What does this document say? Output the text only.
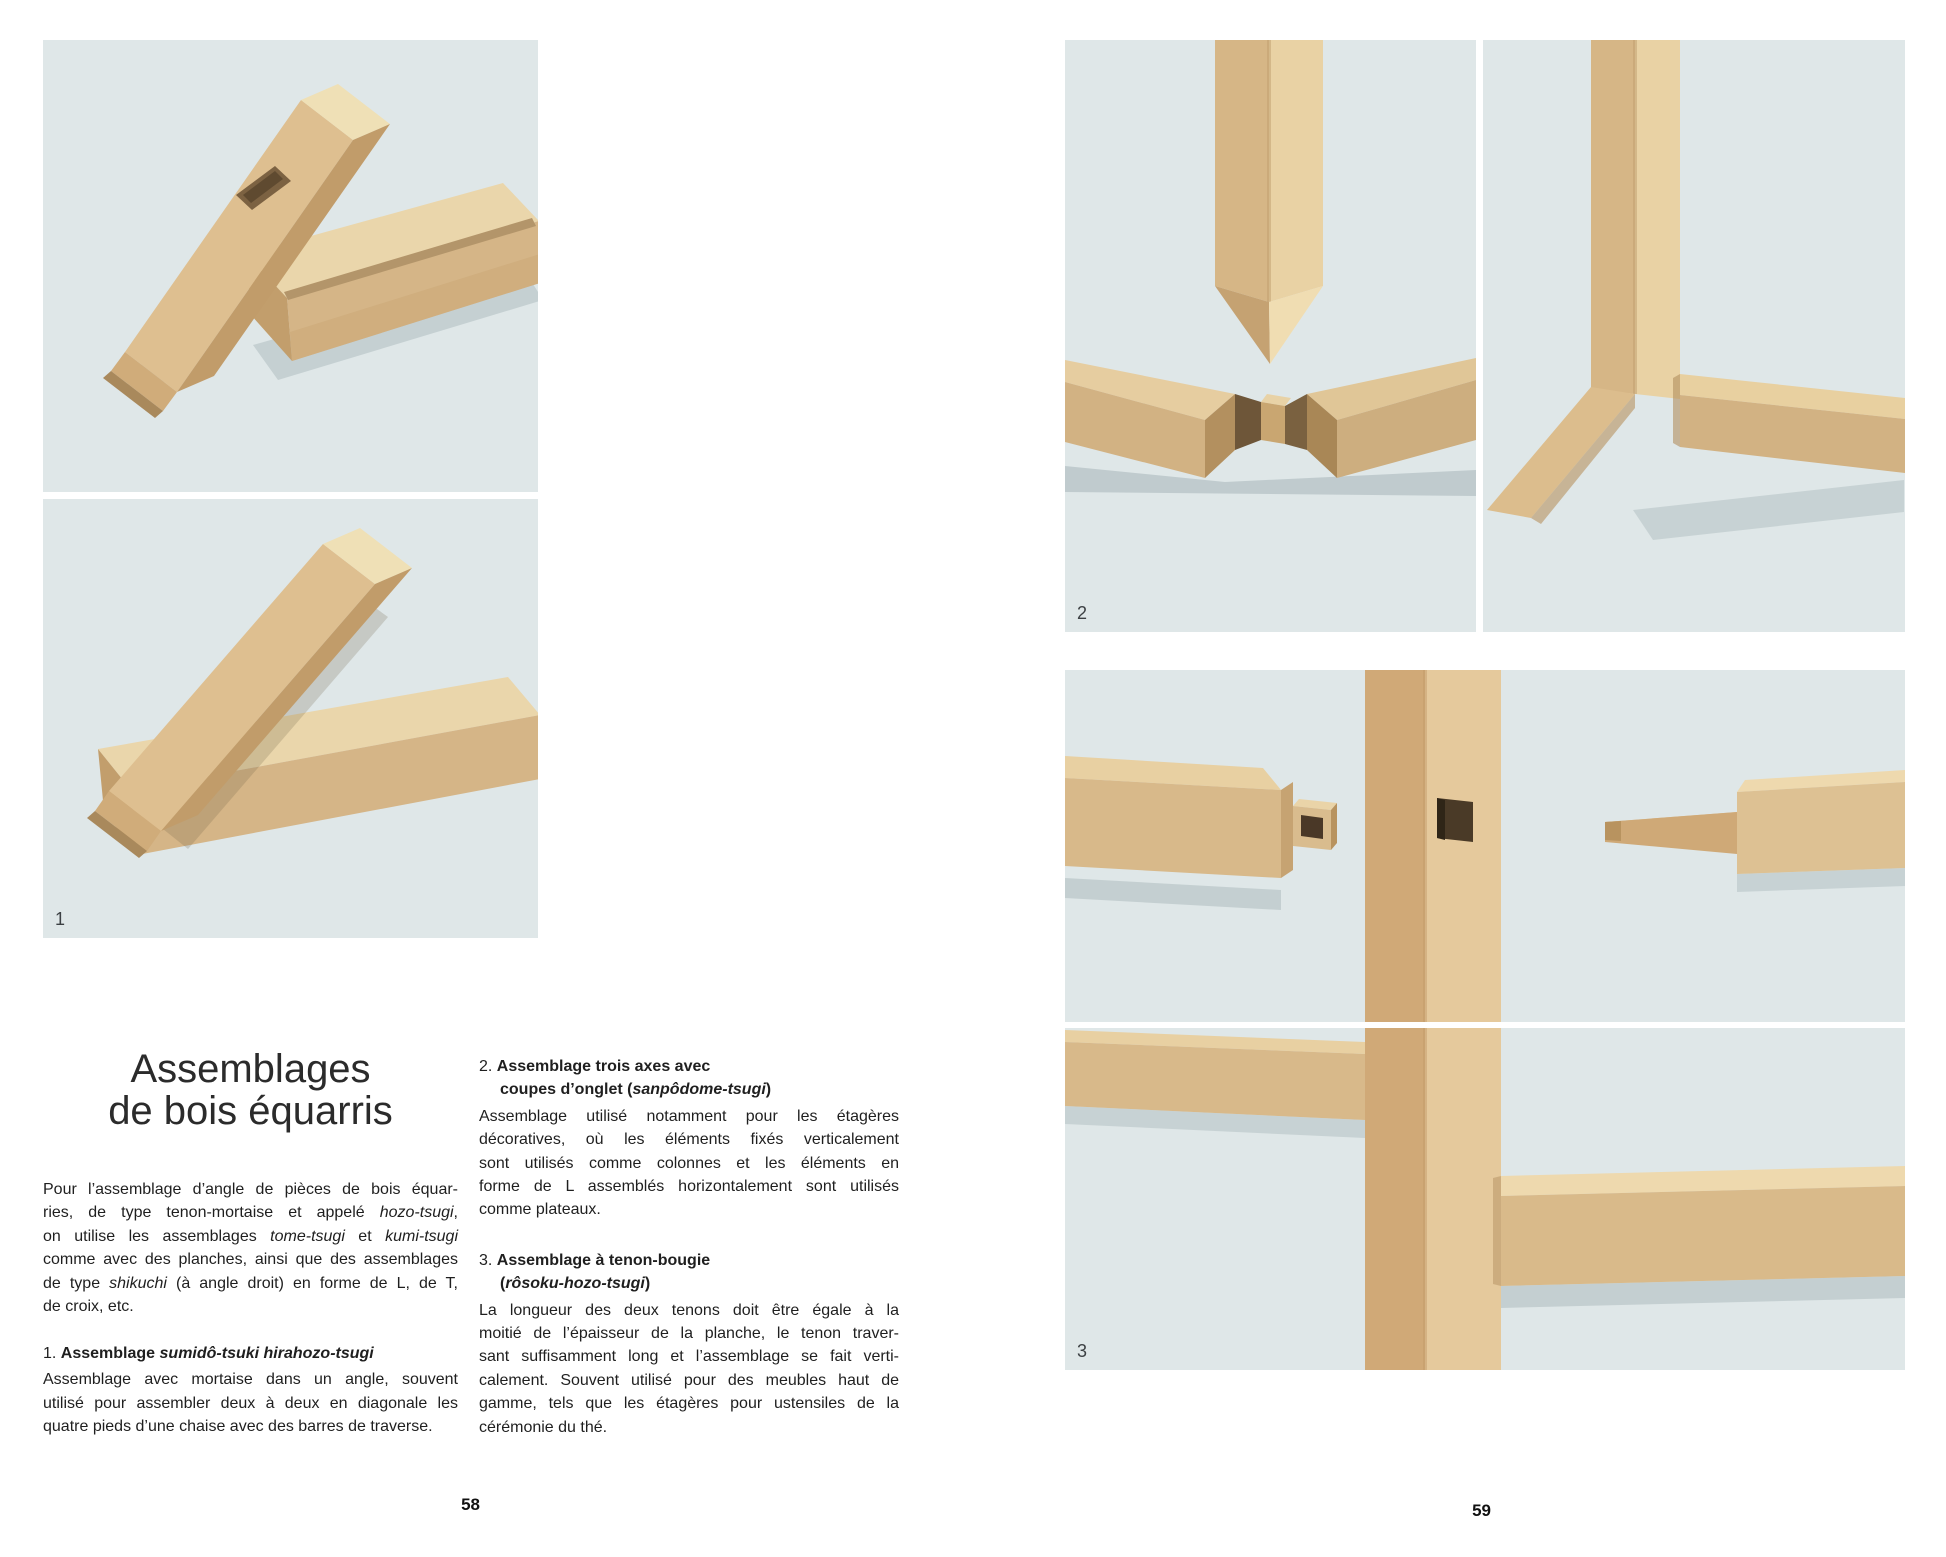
1
Assemblages
de bois équarris
Pour l’assemblage d’angle de pièces de bois équar-
ries, de type tenon-mortaise et appelé hozo-tsugi,
on utilise les assemblages tome-tsugi et kumi-tsugi
comme avec des planches, ainsi que des assemblages
de type shikuchi (à angle droit) en forme de L, de T,
de croix, etc.
1. Assemblage sumidô-tsuki hirahozo-tsugi
Assemblage avec mortaise dans un angle, souvent
utilisé pour assembler deux à deux en diagonale les
quatre pieds d’une chaise avec des barres de traverse.
2. Assemblage trois axes avec
coupes d’onglet (sanpôdome-tsugi)
Assemblage utilisé notamment pour les étagères
décoratives, où les éléments fixés verticalement
sont utilisés comme colonnes et les éléments en
forme de L assemblés horizontalement sont utilisés
comme plateaux.
3. Assemblage à tenon-bougie
(rôsoku-hozo-tsugi)
La longueur des deux tenons doit être égale à la
moitié de l’épaisseur de la planche, le tenon traver-
sant suffisamment long et l’assemblage se fait verti-
calement. Souvent utilisé pour des meubles haut de
gamme, tels que les étagères pour ustensiles de la
cérémonie du thé.
58
2
3
59
